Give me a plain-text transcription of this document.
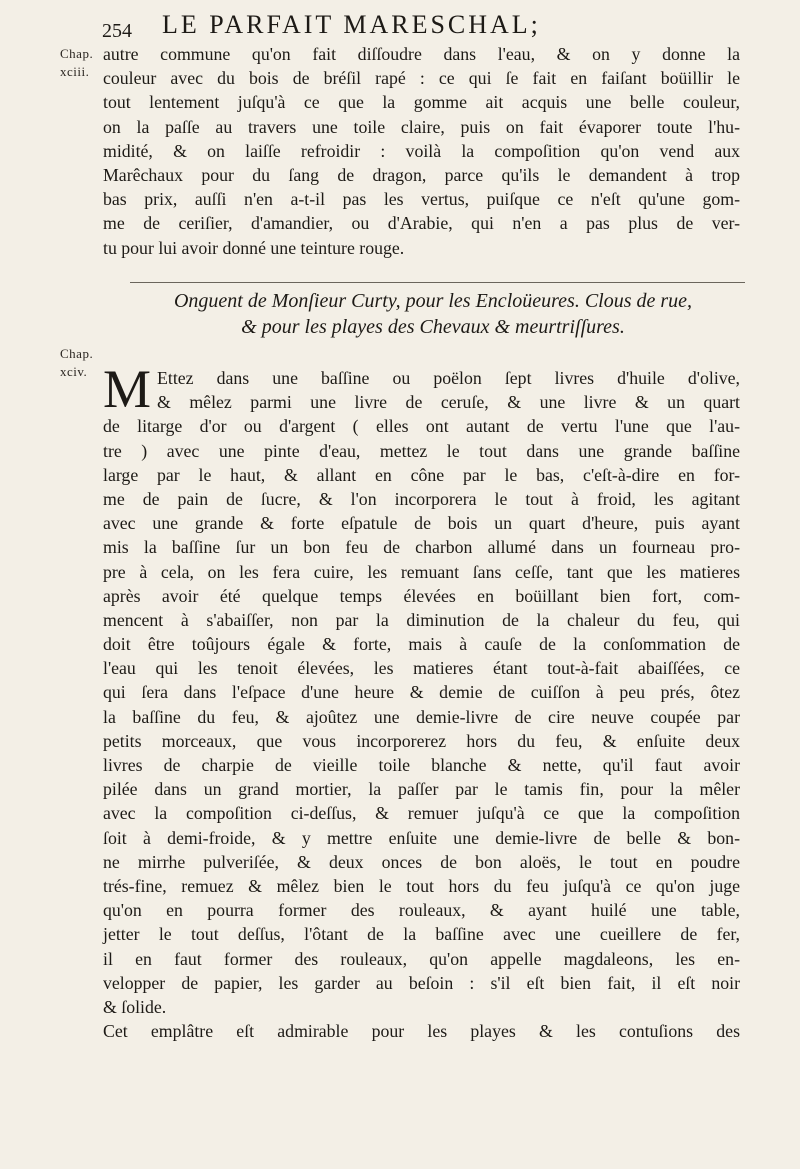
254 LE PARFAIT MARESCHAL;
Chap.
xciii.
autre commune qu'on fait diſſoudre dans l'eau, & on y donne la
couleur avec du bois de bréſil rapé : ce qui ſe fait en faiſant boüillir le
tout lentement juſqu'à ce que la gomme ait acquis une belle couleur,
on la paſſe au travers une toile claire, puis on fait évaporer toute l'hu-
midité, & on laiſſe refroidir : voilà la compoſition qu'on vend aux
Marêchaux pour du ſang de dragon, parce qu'ils le demandent à trop
bas prix, auſſi n'en a-t-il pas les vertus, puiſque ce n'eſt qu'une gom-
me de ceriſier, d'amandier, ou d'Arabie, qui n'en a pas plus de ver-
tu pour lui avoir donné une teinture rouge.
Onguent de Monſieur Curty, pour les Encloüeures. Clous de rue,
& pour les playes des Chevaux & meurtriſſures.
Chap.
xciv. M Ettez dans une baſſine ou poëlon ſept livres d'huile d'olive,
& mêlez parmi une livre de ceruſe, & une livre & un quart
de litarge d'or ou d'argent ( elles ont autant de vertu l'une que l'au-
tre ) avec une pinte d'eau, mettez le tout dans une grande baſſine
large par le haut, & allant en cône par le bas, c'eſt-à-dire en for-
me de pain de ſucre, & l'on incorporera le tout à froid, les agitant
avec une grande & forte eſpatule de bois un quart d'heure, puis ayant
mis la baſſine ſur un bon feu de charbon allumé dans un fourneau pro-
pre à cela, on les fera cuire, les remuant ſans ceſſe, tant que les matieres
après avoir été quelque temps élevées en boüillant bien fort, com-
mencent à s'abaiſſer, non par la diminution de la chaleur du feu, qui
doit être toûjours égale & forte, mais à cauſe de la conſommation de
l'eau qui les tenoit élevées, les matieres étant tout-à-fait abaiſſées, ce
qui ſera dans l'eſpace d'une heure & demie de cuiſſon à peu prés, ôtez
la baſſine du feu, & ajoûtez une demie-livre de cire neuve coupée par
petits morceaux, que vous incorporerez hors du feu, & enſuite deux
livres de charpie de vieille toile blanche & nette, qu'il faut avoir
pilée dans un grand mortier, la paſſer par le tamis fin, pour la mêler
avec la compoſition ci-deſſus, & remuer juſqu'à ce que la compoſition
ſoit à demi-froide, & y mettre enſuite une demie-livre de belle & bon-
ne mirrhe pulveriſée, & deux onces de bon aloës, le tout en poudre
trés-fine, remuez & mêlez bien le tout hors du feu juſqu'à ce qu'on juge
qu'on en pourra former des rouleaux, & ayant huilé une table,
jetter le tout deſſus, l'ôtant de la baſſine avec une cueillere de fer,
il en faut former des rouleaux, qu'on appelle magdaleons, les en-
velopper de papier, les garder au beſoin : s'il eſt bien fait, il eſt noir
& ſolide.
Cet emplâtre eſt admirable pour les playes & les contuſions des
